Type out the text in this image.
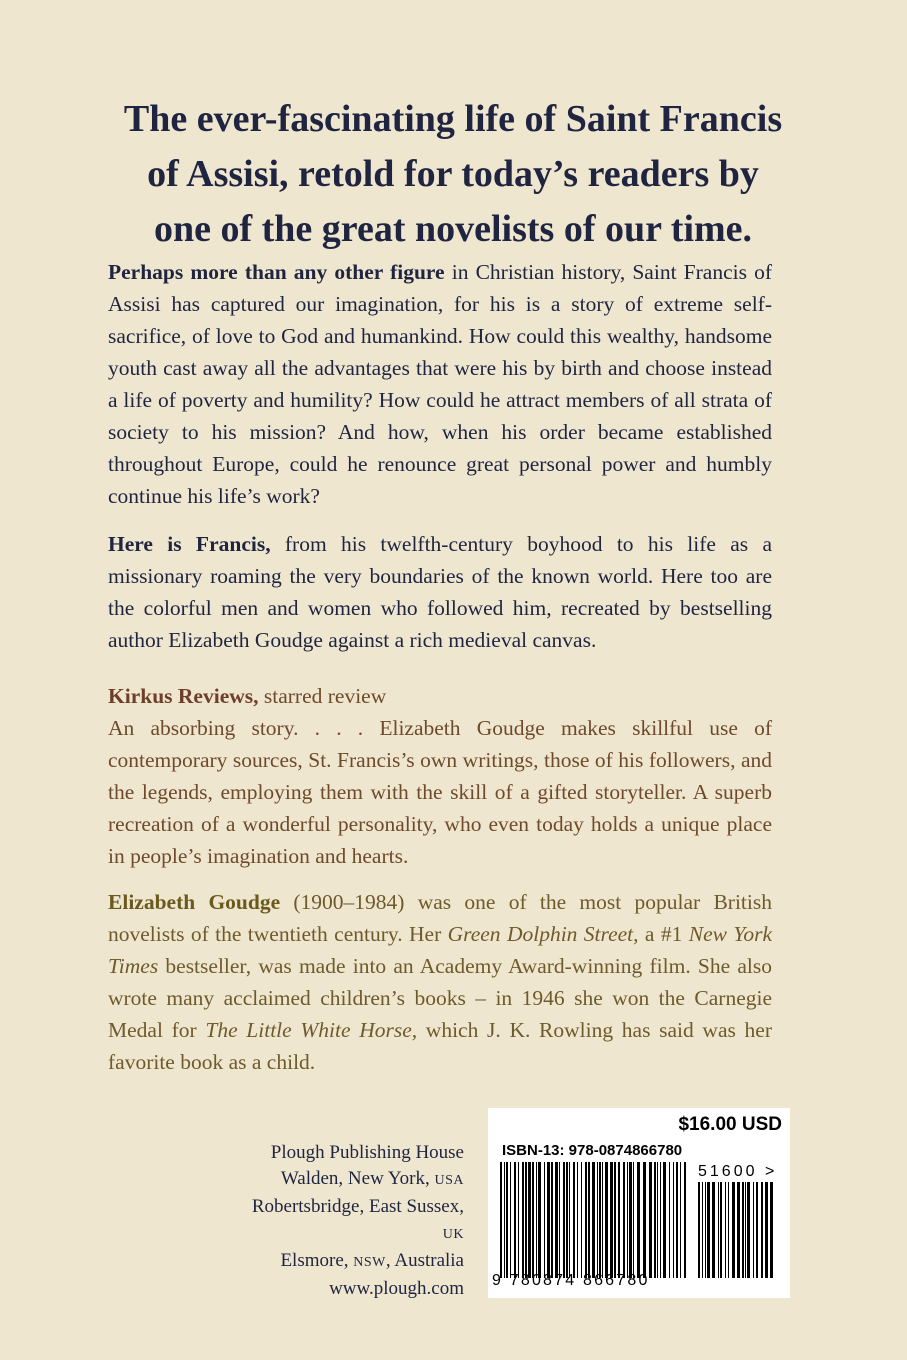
The ever-fascinating life of Saint Francis
of Assisi, retold for today’s readers by
one of the great novelists of our time.

Perhaps more than any other figure in Christian history, Saint Francis of Assisi has captured our imagination, for his is a story of extreme self-sacrifice, of love to God and humankind. How could this wealthy, handsome youth cast away all the advantages that were his by birth and choose instead a life of poverty and humility? How could he attract members of all strata of society to his mission? And how, when his order became established throughout Europe, could he renounce great personal power and humbly continue his life’s work?

Here is Francis, from his twelfth-century boyhood to his life as a missionary roaming the very boundaries of the known world. Here too are the colorful men and women who followed him, recreated by bestselling author Elizabeth Goudge against a rich medieval canvas.

Kirkus Reviews, starred review
An absorbing story. . . . Elizabeth Goudge makes skillful use of contemporary sources, St. Francis’s own writings, those of his followers, and the legends, employing them with the skill of a gifted storyteller. A superb recreation of a wonderful personality, who even today holds a unique place in people’s imagination and hearts.

Elizabeth Goudge (1900–1984) was one of the most popular British novelists of the twentieth century. Her Green Dolphin Street, a #1 New York Times bestseller, was made into an Academy Award-winning film. She also wrote many acclaimed children’s books – in 1946 she won the Carnegie Medal for The Little White Horse, which J. K. Rowling has said was her favorite book as a child.

Plough Publishing House
Walden, New York, USA
Robertsbridge, East Sussex, UK
Elsmore, NSW, Australia
www.plough.com
$16.00 USD
ISBN-13: 978-0874866780
51600 >
9 780874 866780
